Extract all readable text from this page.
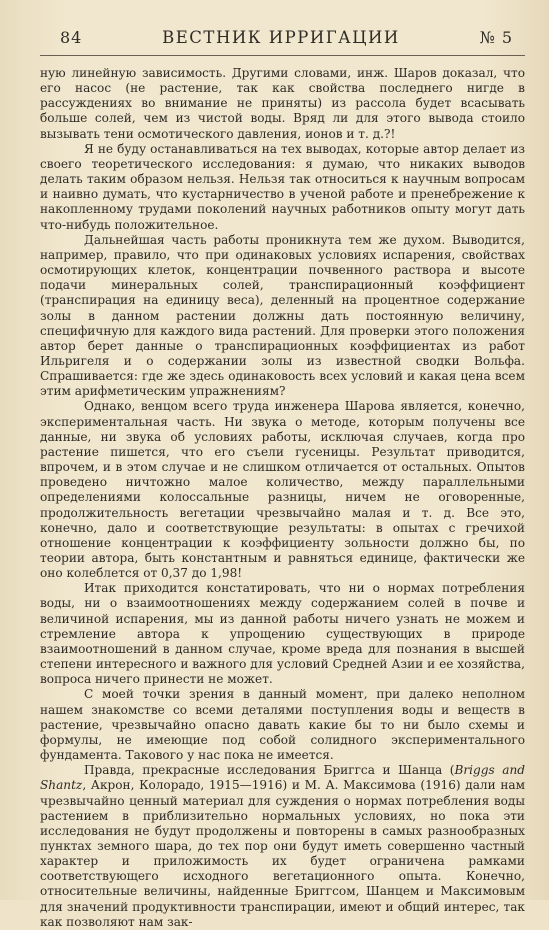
84	ВЕСТНИК ИРРИГАЦИИ	№ 5

ную линейную зависимость. Другими словами, инж. Шаров доказал, что его насос (не растение, так как свойства последнего нигде в рассуждениях во внимание не приняты) из рассола будет всасывать больше солей, чем из чистой воды. Вряд ли для этого вывода стоило вызывать тени осмотического давления, ионов и т. д.?!

Я не буду останавливаться на тех выводах, которые автор делает из своего теоретического исследования: я думаю, что никаких выводов делать таким образом нельзя. Нельзя так относиться к научным вопросам и наивно думать, что кустарничество в ученой работе и пренебрежение к накопленному трудами поколений научных работников опыту могут дать что-нибудь положительное.

Дальнейшая часть работы проникнута тем же духом. Выводится, например, правило, что при одинаковых условиях испарения, свойствах осмотирующих клеток, концентрации почвенного раствора и высоте подачи минеральных солей, транспирационный коэффициент (транспирация на единицу веса), деленный на процентное содержание золы в данном растении должны дать постоянную величину, специфичную для каждого вида растений. Для проверки этого положения автор берет данные о транспирационных коэффициентах из работ Ильригеля и о содержании золы из известной сводки Вольфа. Спрашивается: где же здесь одинаковость всех условий и какая цена всем этим арифметическим упражнениям?

Однако, венцом всего труда инженера Шарова является, конечно, экспериментальная часть. Ни звука о методе, которым получены все данные, ни звука об условиях работы, исключая случаев, когда про растение пишется, что его съели гусеницы. Результат приводится, впрочем, и в этом случае и не слишком отличается от остальных. Опытов проведено ничтожно малое количество, между параллельными определениями колоссальные разницы, ничем не оговоренные, продолжительность вегетации чрезвычайно малая и т. д. Все это, конечно, дало и соответствующие результаты: в опытах с гречихой отношение концентрации к коэффициенту зольности должно бы, по теории автора, быть константным и равняться единице, фактически же оно колеблется от 0,37 до 1,98!

Итак приходится констатировать, что ни о нормах потребления воды, ни о взаимоотношениях между содержанием солей в почве и величиной испарения, мы из данной работы ничего узнать не можем и стремление автора к упрощению существующих в природе взаимоотношений в данном случае, кроме вреда для познания в высшей степени интересного и важного для условий Средней Азии и ее хозяйства, вопроса ничего принести не может.

С моей точки зрения в данный момент, при далеко неполном нашем знакомстве со всеми деталями поступления воды и веществ в растение, чрезвычайно опасно давать какие бы то ни было схемы и формулы, не имеющие под собой солидного экспериментального фундамента. Такового у нас пока не имеется.

Правда, прекрасные исследования Бриггса и Шанца (Briggs and Shantz, Акрон, Колорадо, 1915—1916) и М. А. Максимова (1916) дали нам чрезвычайно ценный материал для суждения о нормах потребления воды растением в приблизительно нормальных условиях, но пока эти исследования не будут продолжены и повторены в самых разнообразных пунктах земного шара, до тех пор они будут иметь совершенно частный характер и приложимость их будет ограничена рамками соответствующего исходного вегетационного опыта. Конечно, относительные величины, найденные Бриггсом, Шанцем и Максимовым для значений продуктивности транспирации, имеют и общий интерес, так как позволяют нам зак-
